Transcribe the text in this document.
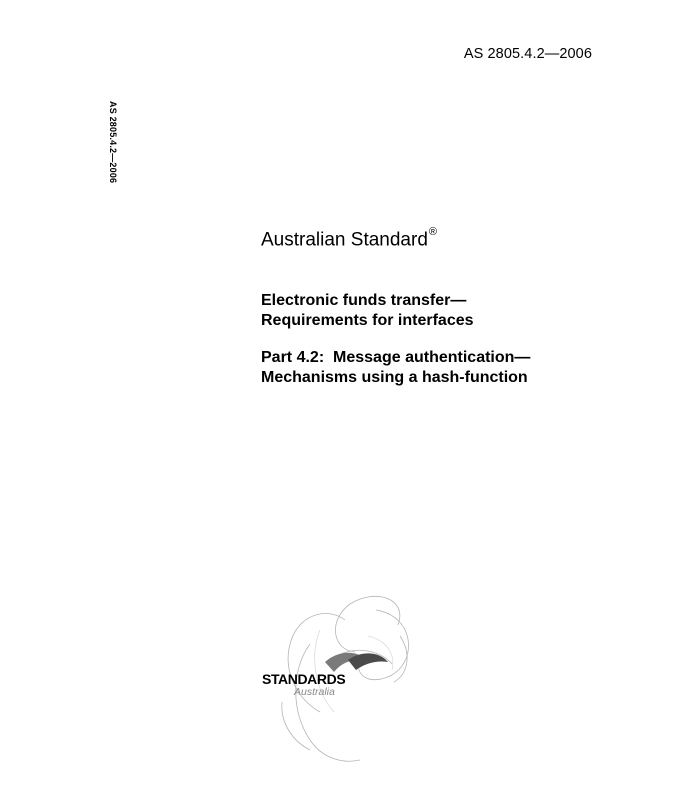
AS 2805.4.2—2006
AS 2805.4.2—2006
Australian Standard®
Electronic funds transfer—
Requirements for interfaces
Part 4.2:  Message authentication—
Mechanisms using a hash-function
STANDARDS
Australia
